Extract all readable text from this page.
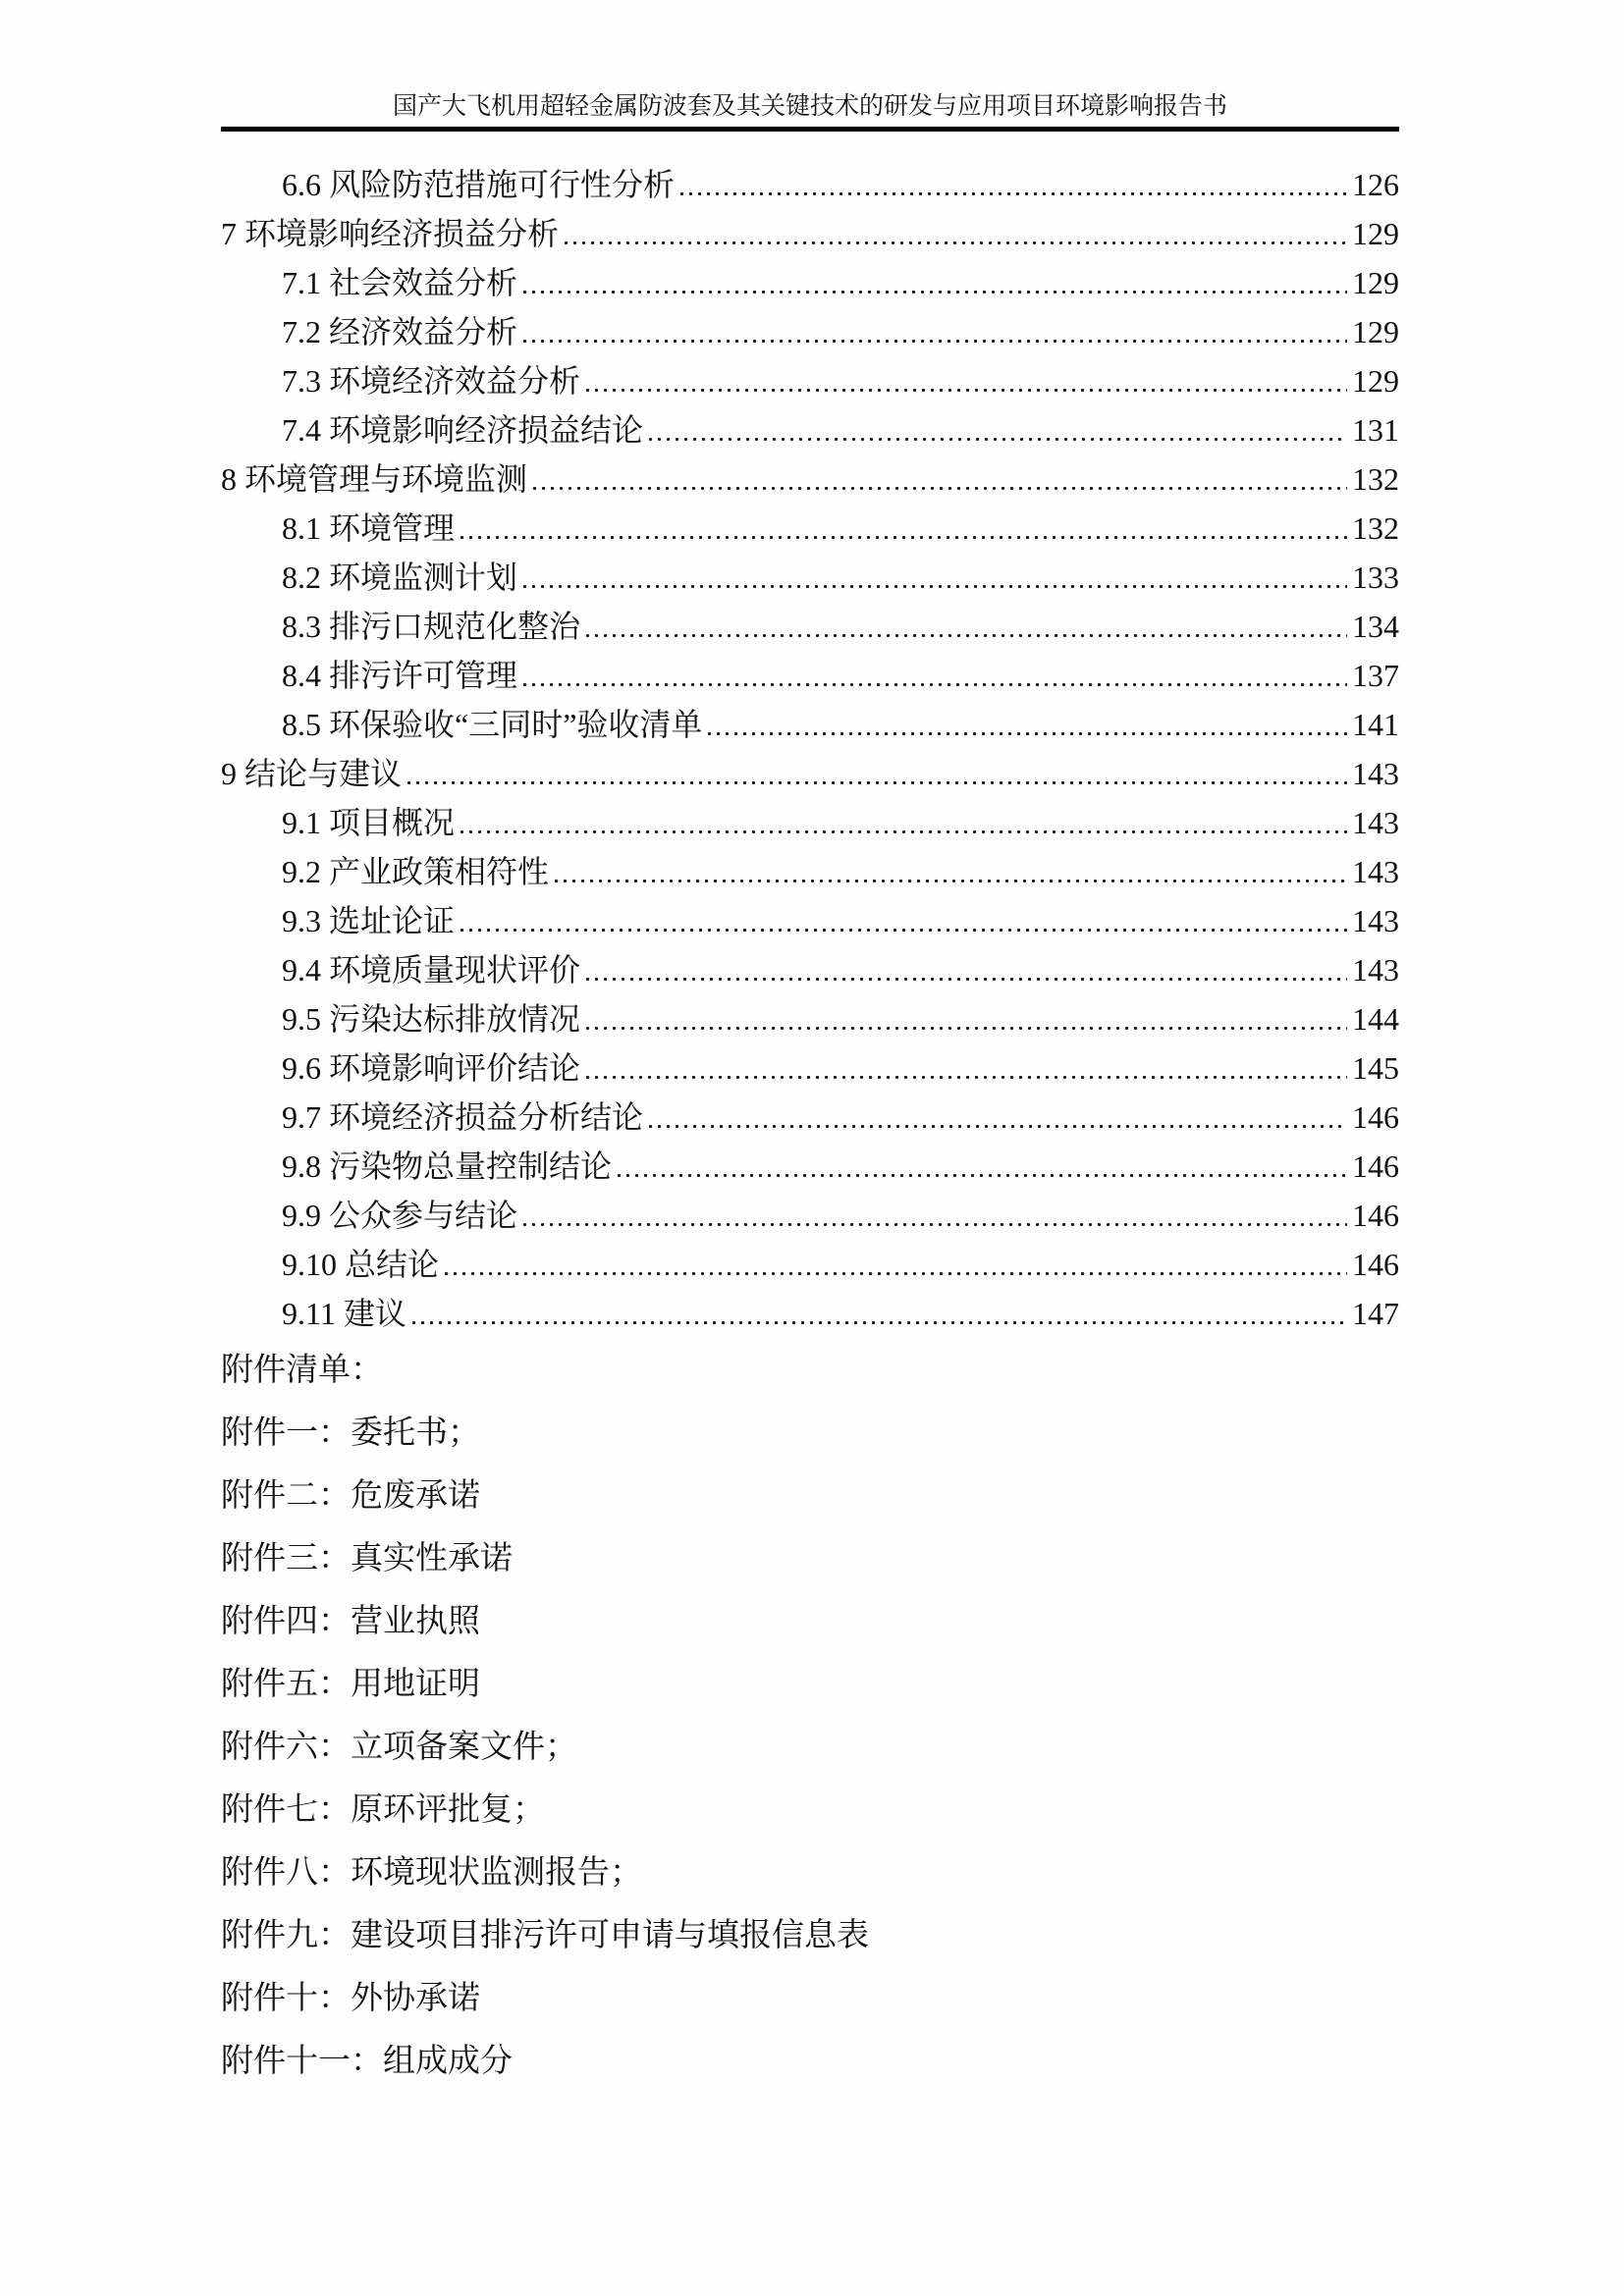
国产大飞机用超轻金属防波套及其关键技术的研发与应用项目环境影响报告书
6.6 风险防范措施可行性分析	126
7 环境影响经济损益分析	129
7.1 社会效益分析	129
7.2 经济效益分析	129
7.3 环境经济效益分析	129
7.4 环境影响经济损益结论	131
8 环境管理与环境监测	132
8.1 环境管理	132
8.2 环境监测计划	133
8.3 排污口规范化整治	134
8.4 排污许可管理	137
8.5 环保验收“三同时”验收清单	141
9 结论与建议	143
9.1 项目概况	143
9.2 产业政策相符性	143
9.3 选址论证	143
9.4 环境质量现状评价	143
9.5 污染达标排放情况	144
9.6 环境影响评价结论	145
9.7 环境经济损益分析结论	146
9.8 污染物总量控制结论	146
9.9 公众参与结论	146
9.10 总结论	146
9.11 建议	147
附件清单：
附件一：委托书；
附件二：危废承诺
附件三：真实性承诺
附件四：营业执照
附件五：用地证明
附件六：立项备案文件；
附件七：原环评批复；
附件八：环境现状监测报告；
附件九：建设项目排污许可申请与填报信息表
附件十：外协承诺
附件十一：组成成分
